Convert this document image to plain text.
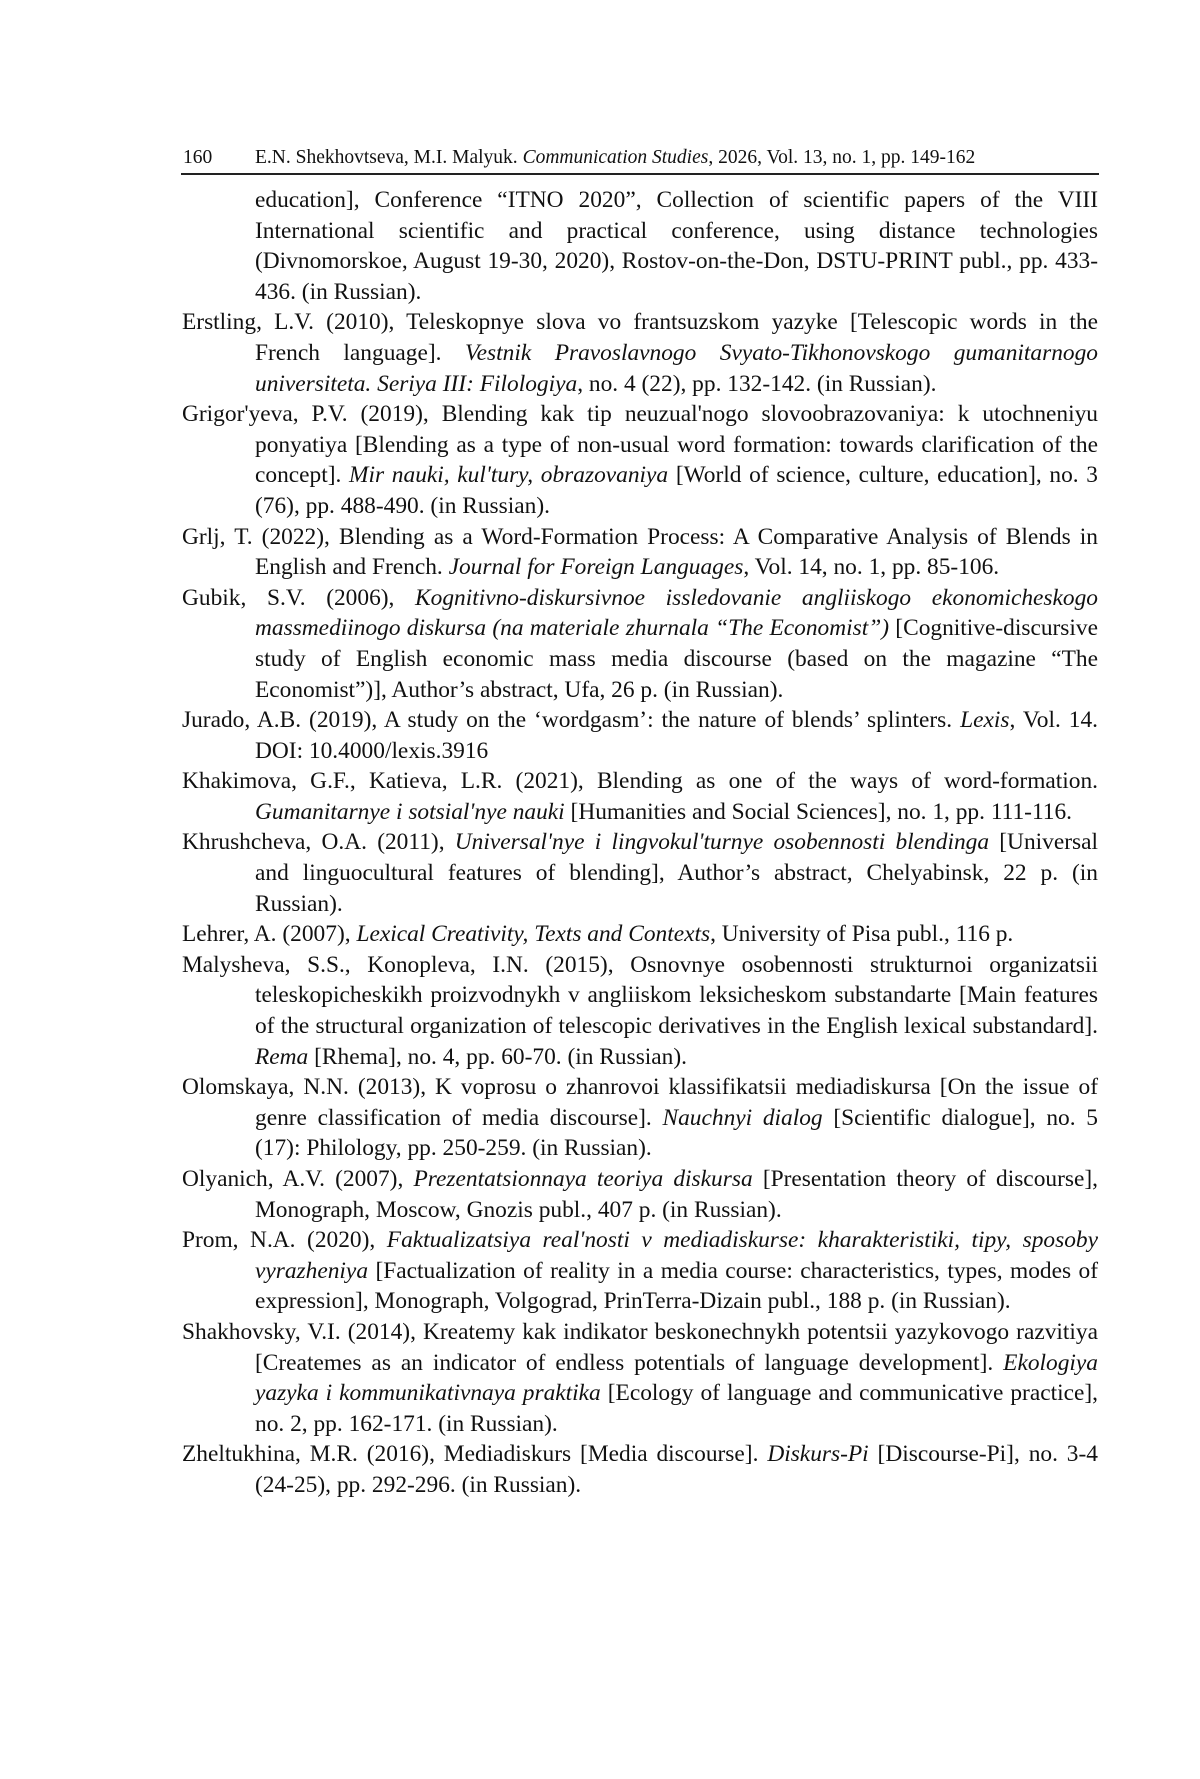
160 E.N. Shekhovtseva, M.I. Malyuk. Communication Studies, 2026, Vol. 13, no. 1, pp. 149-162

education], Conference “ITNO 2020”, Collection of scientific papers of the VIII International scientific and practical conference, using distance technologies (Divnomorskoe, August 19-30, 2020), Rostov-on-the-Don, DSTU-PRINT publ., pp. 433-436. (in Russian).

Erstling, L.V. (2010), Teleskopnye slova vo frantsuzskom yazyke [Telescopic words in the French language]. Vestnik Pravoslavnogo Svyato-Tikhonovskogo gumanitarnogo universiteta. Seriya III: Filologiya, no. 4 (22), pp. 132-142. (in Russian).

Grigor'yeva, P.V. (2019), Blending kak tip neuzual'nogo slovoobrazovaniya: k utochneniyu ponyatiya [Blending as a type of non-usual word formation: towards clarification of the concept]. Mir nauki, kul'tury, obrazovaniya [World of science, culture, education], no. 3 (76), pp. 488-490. (in Russian).

Grlj, T. (2022), Blending as a Word-Formation Process: A Comparative Analysis of Blends in English and French. Journal for Foreign Languages, Vol. 14, no. 1, pp. 85-106.

Gubik, S.V. (2006), Kognitivno-diskursivnoe issledovanie angliiskogo ekonomicheskogo massmediinogo diskursa (na materiale zhurnala “The Economist”) [Cognitive-discursive study of English economic mass media discourse (based on the magazine “The Economist”)], Author’s abstract, Ufa, 26 p. (in Russian).

Jurado, A.B. (2019), A study on the ‘wordgasm’: the nature of blends’ splinters. Lexis, Vol. 14. DOI: 10.4000/lexis.3916

Khakimova, G.F., Katieva, L.R. (2021), Blending as one of the ways of word-formation. Gumanitarnye i sotsial'nye nauki [Humanities and Social Sciences], no. 1, pp. 111-116.

Khrushcheva, O.A. (2011), Universal'nye i lingvokul'turnye osobennosti blendinga [Universal and linguocultural features of blending], Author’s abstract, Chelyabinsk, 22 p. (in Russian).

Lehrer, A. (2007), Lexical Creativity, Texts and Contexts, University of Pisa publ., 116 p.

Malysheva, S.S., Konopleva, I.N. (2015), Osnovnye osobennosti strukturnoi organizatsii teleskopicheskikh proizvodnykh v angliiskom leksicheskom substandarte [Main features of the structural organization of telescopic derivatives in the English lexical substandard]. Rema [Rhema], no. 4, pp. 60-70. (in Russian).

Olomskaya, N.N. (2013), K voprosu o zhanrovoi klassifikatsii mediadiskursa [On the issue of genre classification of media discourse]. Nauchnyi dialog [Scientific dialogue], no. 5 (17): Philology, pp. 250-259. (in Russian).

Olyanich, A.V. (2007), Prezentatsionnaya teoriya diskursa [Presentation theory of discourse], Monograph, Moscow, Gnozis publ., 407 p. (in Russian).

Prom, N.A. (2020), Faktualizatsiya real'nosti v mediadiskurse: kharakteristiki, tipy, sposoby vyrazheniya [Factualization of reality in a media course: characteristics, types, modes of expression], Monograph, Volgograd, PrinTerra-Dizain publ., 188 p. (in Russian).

Shakhovsky, V.I. (2014), Kreatemy kak indikator beskonechnykh potentsii yazykovogo razvitiya [Createmes as an indicator of endless potentials of language development]. Ekologiya yazyka i kommunikativnaya praktika [Ecology of language and communicative practice], no. 2, pp. 162-171. (in Russian).

Zheltukhina, M.R. (2016), Mediadiskurs [Media discourse]. Diskurs-Pi [Discourse-Pi], no. 3-4 (24-25), pp. 292-296. (in Russian).
